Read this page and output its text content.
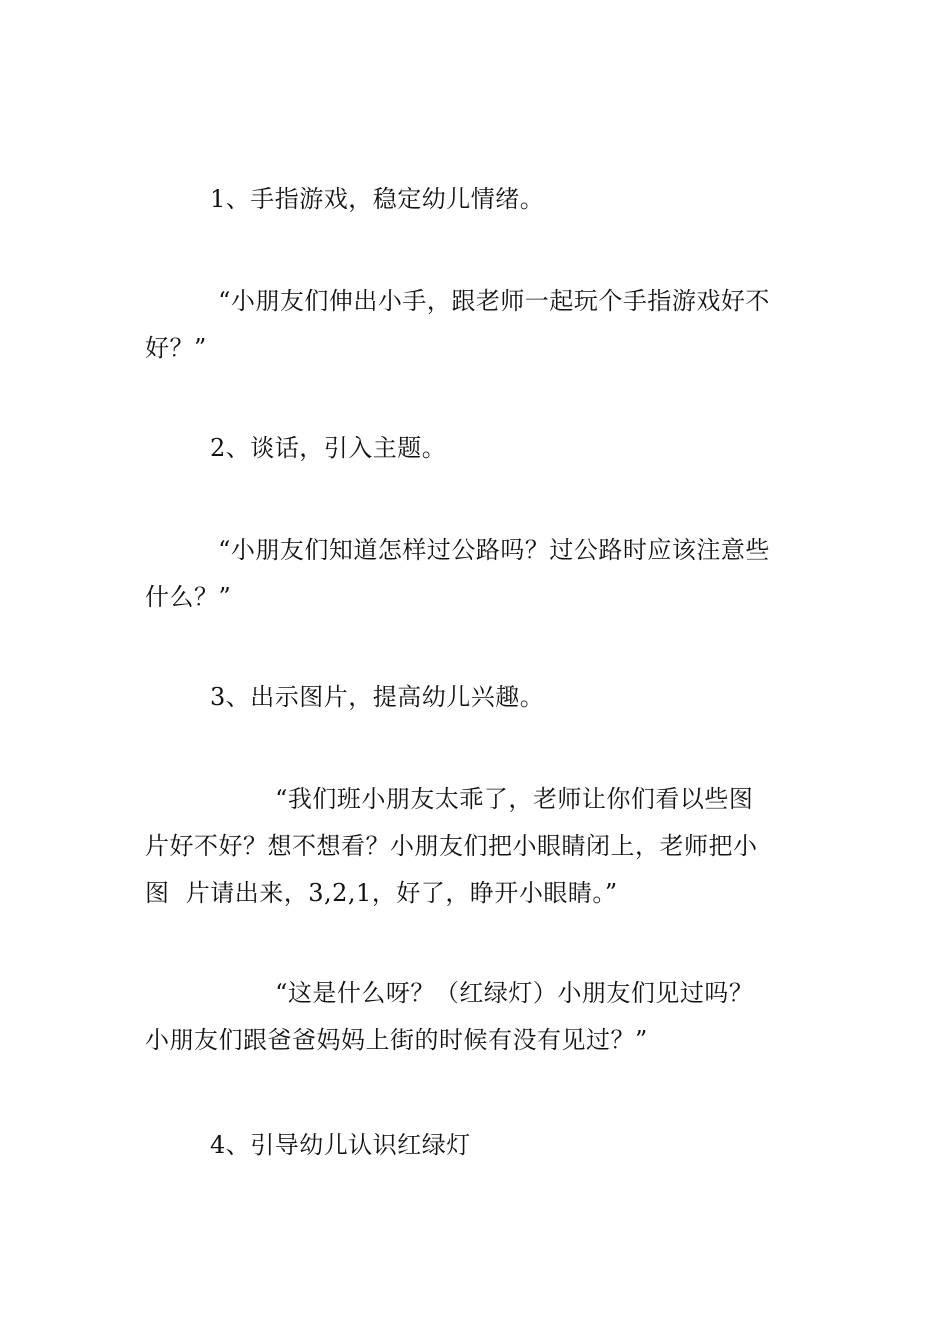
1、手指游戏，稳定幼儿情绪。

“小朋友们伸出小手，跟老师一起玩个手指游戏好不
好？”

2、谈话，引入主题。

“小朋友们知道怎样过公路吗？过公路时应该注意些
什么？”

3、出示图片，提高幼儿兴趣。

“我们班小朋友太乖了，老师让你们看以些图
片好不好？想不想看？小朋友们把小眼睛闭上，老师把小
图  片请出来，3,2,1，好了，睁开小眼睛。”

“这是什么呀？（红绿灯）小朋友们见过吗？
小朋友们跟爸爸妈妈上街的时候有没有见过？”

4、引导幼儿认识红绿灯
